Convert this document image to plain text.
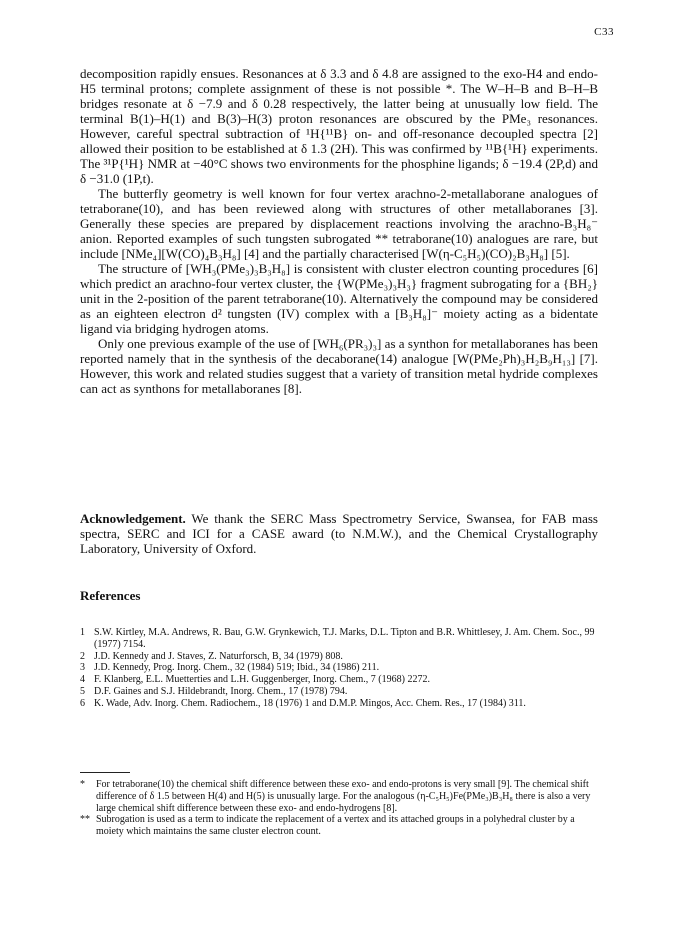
C33

decomposition rapidly ensues. Resonances at δ 3.3 and δ 4.8 are assigned to the exo-H4 and endo-H5 terminal protons; complete assignment of these is not possible *. The W–H–B and B–H–B bridges resonate at δ −7.9 and δ 0.28 respectively, the latter being at unusually low field. The terminal B(1)–H(1) and B(3)–H(3) proton resonances are obscured by the PMe₃ resonances. However, careful spectral subtraction of ¹H{¹¹B} on- and off-resonance decoupled spectra [2] allowed their position to be established at δ 1.3 (2H). This was confirmed by ¹¹B{¹H} experiments. The ³¹P{¹H} NMR at −40°C shows two environments for the phosphine ligands; δ −19.4 (2P,d) and δ −31.0 (1P,t).

The butterfly geometry is well known for four vertex arachno-2-metallaborane analogues of tetraborane(10), and has been reviewed along with structures of other metallaboranes [3]. Generally these species are prepared by displacement reactions involving the arachno-B₃H₈⁻ anion. Reported examples of such tungsten subrogated ** tetraborane(10) analogues are rare, but include [NMe₄][W(CO)₄B₃H₈] [4] and the partially characterised [W(η-C₅H₅)(CO)₂B₃H₈] [5].

The structure of [WH₃(PMe₃)₃B₃H₈] is consistent with cluster electron counting procedures [6] which predict an arachno-four vertex cluster, the {W(PMe₃)₃H₃} fragment subrogating for a {BH₂} unit in the 2-position of the parent tetraborane(10). Alternatively the compound may be considered as an eighteen electron d² tungsten (IV) complex with a [B₃H₈]⁻ moiety acting as a bidentate ligand via bridging hydrogen atoms.

Only one previous example of the use of [WH₆(PR₃)₃] as a synthon for metallaboranes has been reported namely that in the synthesis of the decaborane(14) analogue [W(PMe₂Ph)₃H₂B₉H₁₃] [7]. However, this work and related studies suggest that a variety of transition metal hydride complexes can act as synthons for metallaboranes [8].

Acknowledgement. We thank the SERC Mass Spectrometry Service, Swansea, for FAB mass spectra, SERC and ICI for a CASE award (to N.M.W.), and the Chemical Crystallography Laboratory, University of Oxford.

References
1 S.W. Kirtley, M.A. Andrews, R. Bau, G.W. Grynkewich, T.J. Marks, D.L. Tipton and B.R. Whittlesey, J. Am. Chem. Soc., 99 (1977) 7154.
2 J.D. Kennedy and J. Staves, Z. Naturforsch, B, 34 (1979) 808.
3 J.D. Kennedy, Prog. Inorg. Chem., 32 (1984) 519; Ibid., 34 (1986) 211.
4 F. Klanberg, E.L. Muetterties and L.H. Guggenberger, Inorg. Chem., 7 (1968) 2272.
5 D.F. Gaines and S.J. Hildebrandt, Inorg. Chem., 17 (1978) 794.
6 K. Wade, Adv. Inorg. Chem. Radiochem., 18 (1976) 1 and D.M.P. Mingos, Acc. Chem. Res., 17 (1984) 311.
* For tetraborane(10) the chemical shift difference between these exo- and endo-protons is very small [9]. The chemical shift difference of δ 1.5 between H(4) and H(5) is unusually large. For the analogous (η-C₅H₅)Fe(PMe₃)B₃H₈ there is also a very large chemical shift difference between these exo- and endo-hydrogens [8].
** Subrogation is used as a term to indicate the replacement of a vertex and its attached groups in a polyhedral cluster by a moiety which maintains the same cluster electron count.
